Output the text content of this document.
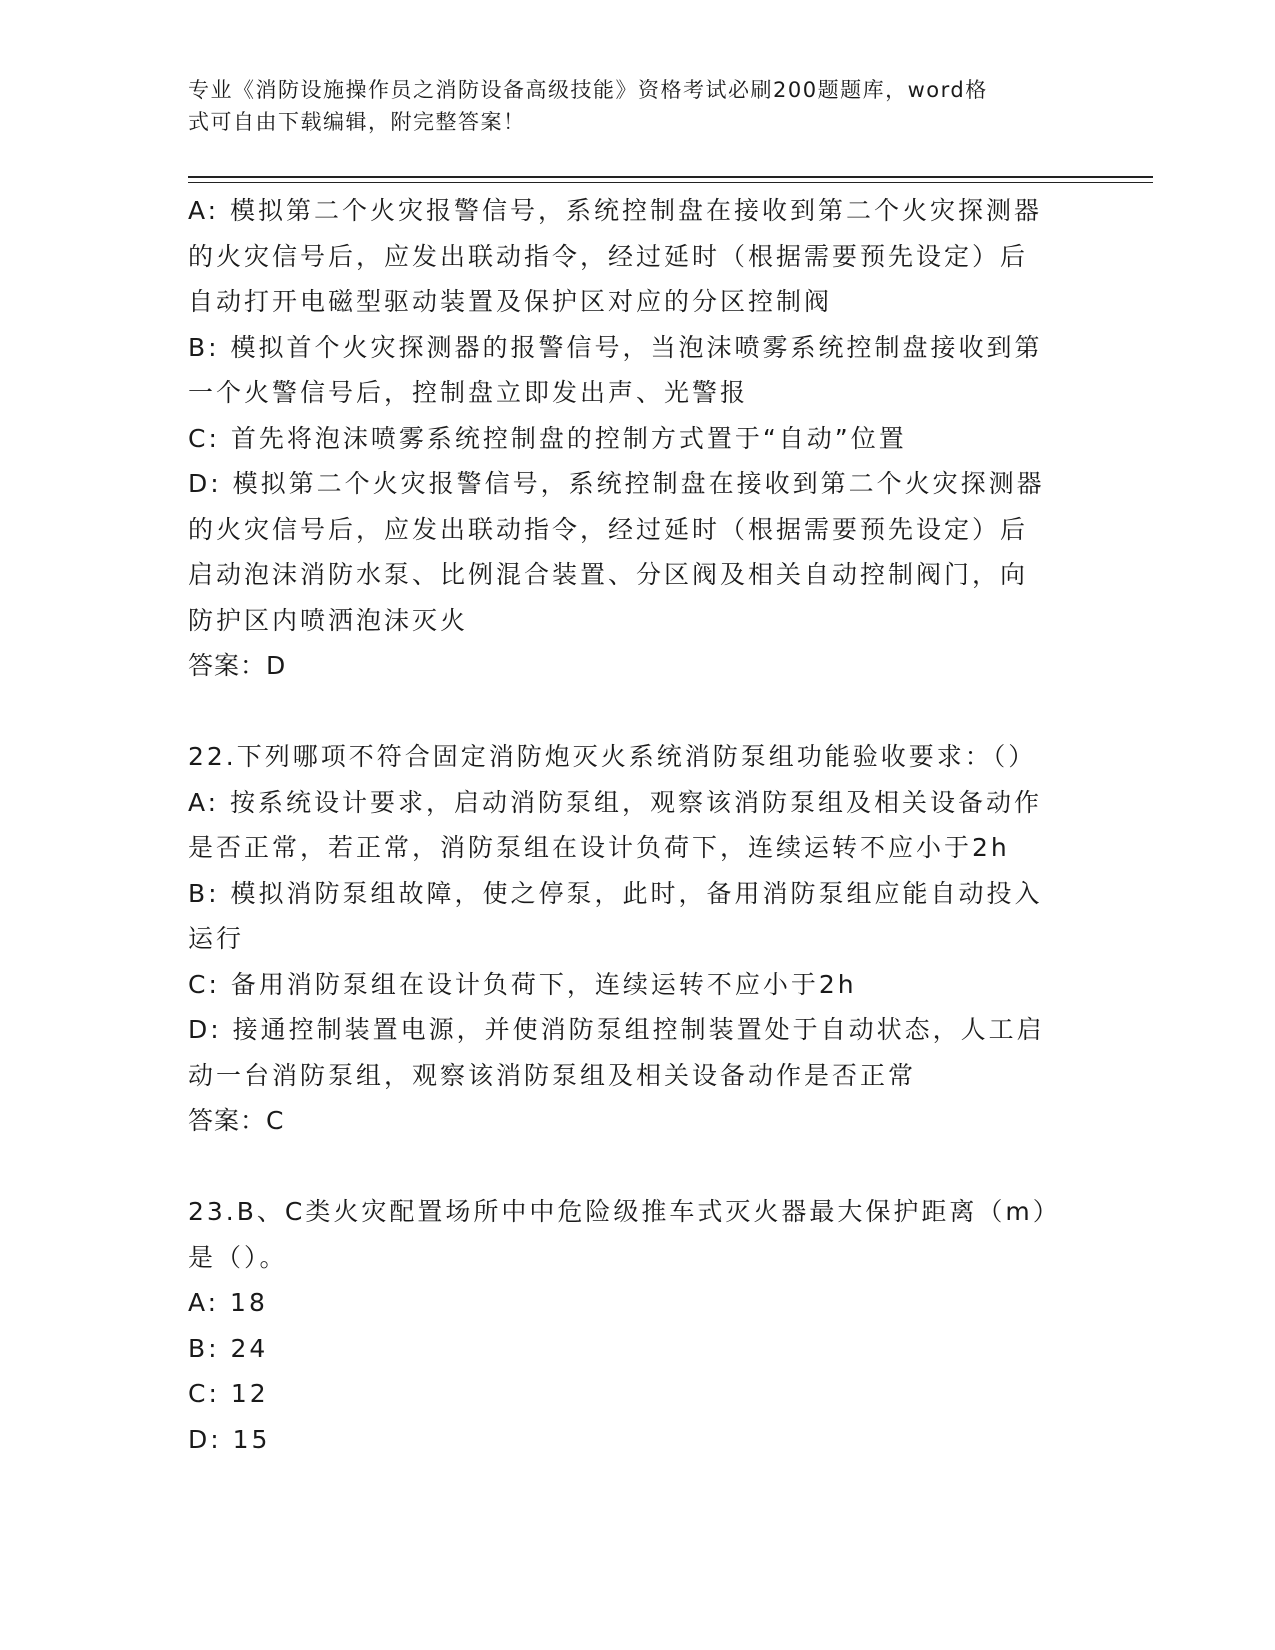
专业《消防设施操作员之消防设备高级技能》资格考试必刷200题题库，word格
式可自由下载编辑，附完整答案！
A: 模拟第二个火灾报警信号，系统控制盘在接收到第二个火灾探测器
的火灾信号后，应发出联动指令，经过延时（根据需要预先设定）后
自动打开电磁型驱动装置及保护区对应的分区控制阀
B: 模拟首个火灾探测器的报警信号，当泡沫喷雾系统控制盘接收到第
一个火警信号后，控制盘立即发出声、光警报
C: 首先将泡沫喷雾系统控制盘的控制方式置于“自动”位置
D: 模拟第二个火灾报警信号，系统控制盘在接收到第二个火灾探测器
的火灾信号后，应发出联动指令，经过延时（根据需要预先设定）后
启动泡沫消防水泵、比例混合装置、分区阀及相关自动控制阀门，向
防护区内喷洒泡沫灭火
答案：D
22.下列哪项不符合固定消防炮灭火系统消防泵组功能验收要求：（）
A: 按系统设计要求，启动消防泵组，观察该消防泵组及相关设备动作
是否正常，若正常，消防泵组在设计负荷下，连续运转不应小于2h
B: 模拟消防泵组故障，使之停泵，此时，备用消防泵组应能自动投入
运行
C: 备用消防泵组在设计负荷下，连续运转不应小于2h
D: 接通控制装置电源，并使消防泵组控制装置处于自动状态，人工启
动一台消防泵组，观察该消防泵组及相关设备动作是否正常
答案：C
23.B、C类火灾配置场所中中危险级推车式灭火器最大保护距离（m）
是（）。
A: 18
B: 24
C: 12
D: 15
